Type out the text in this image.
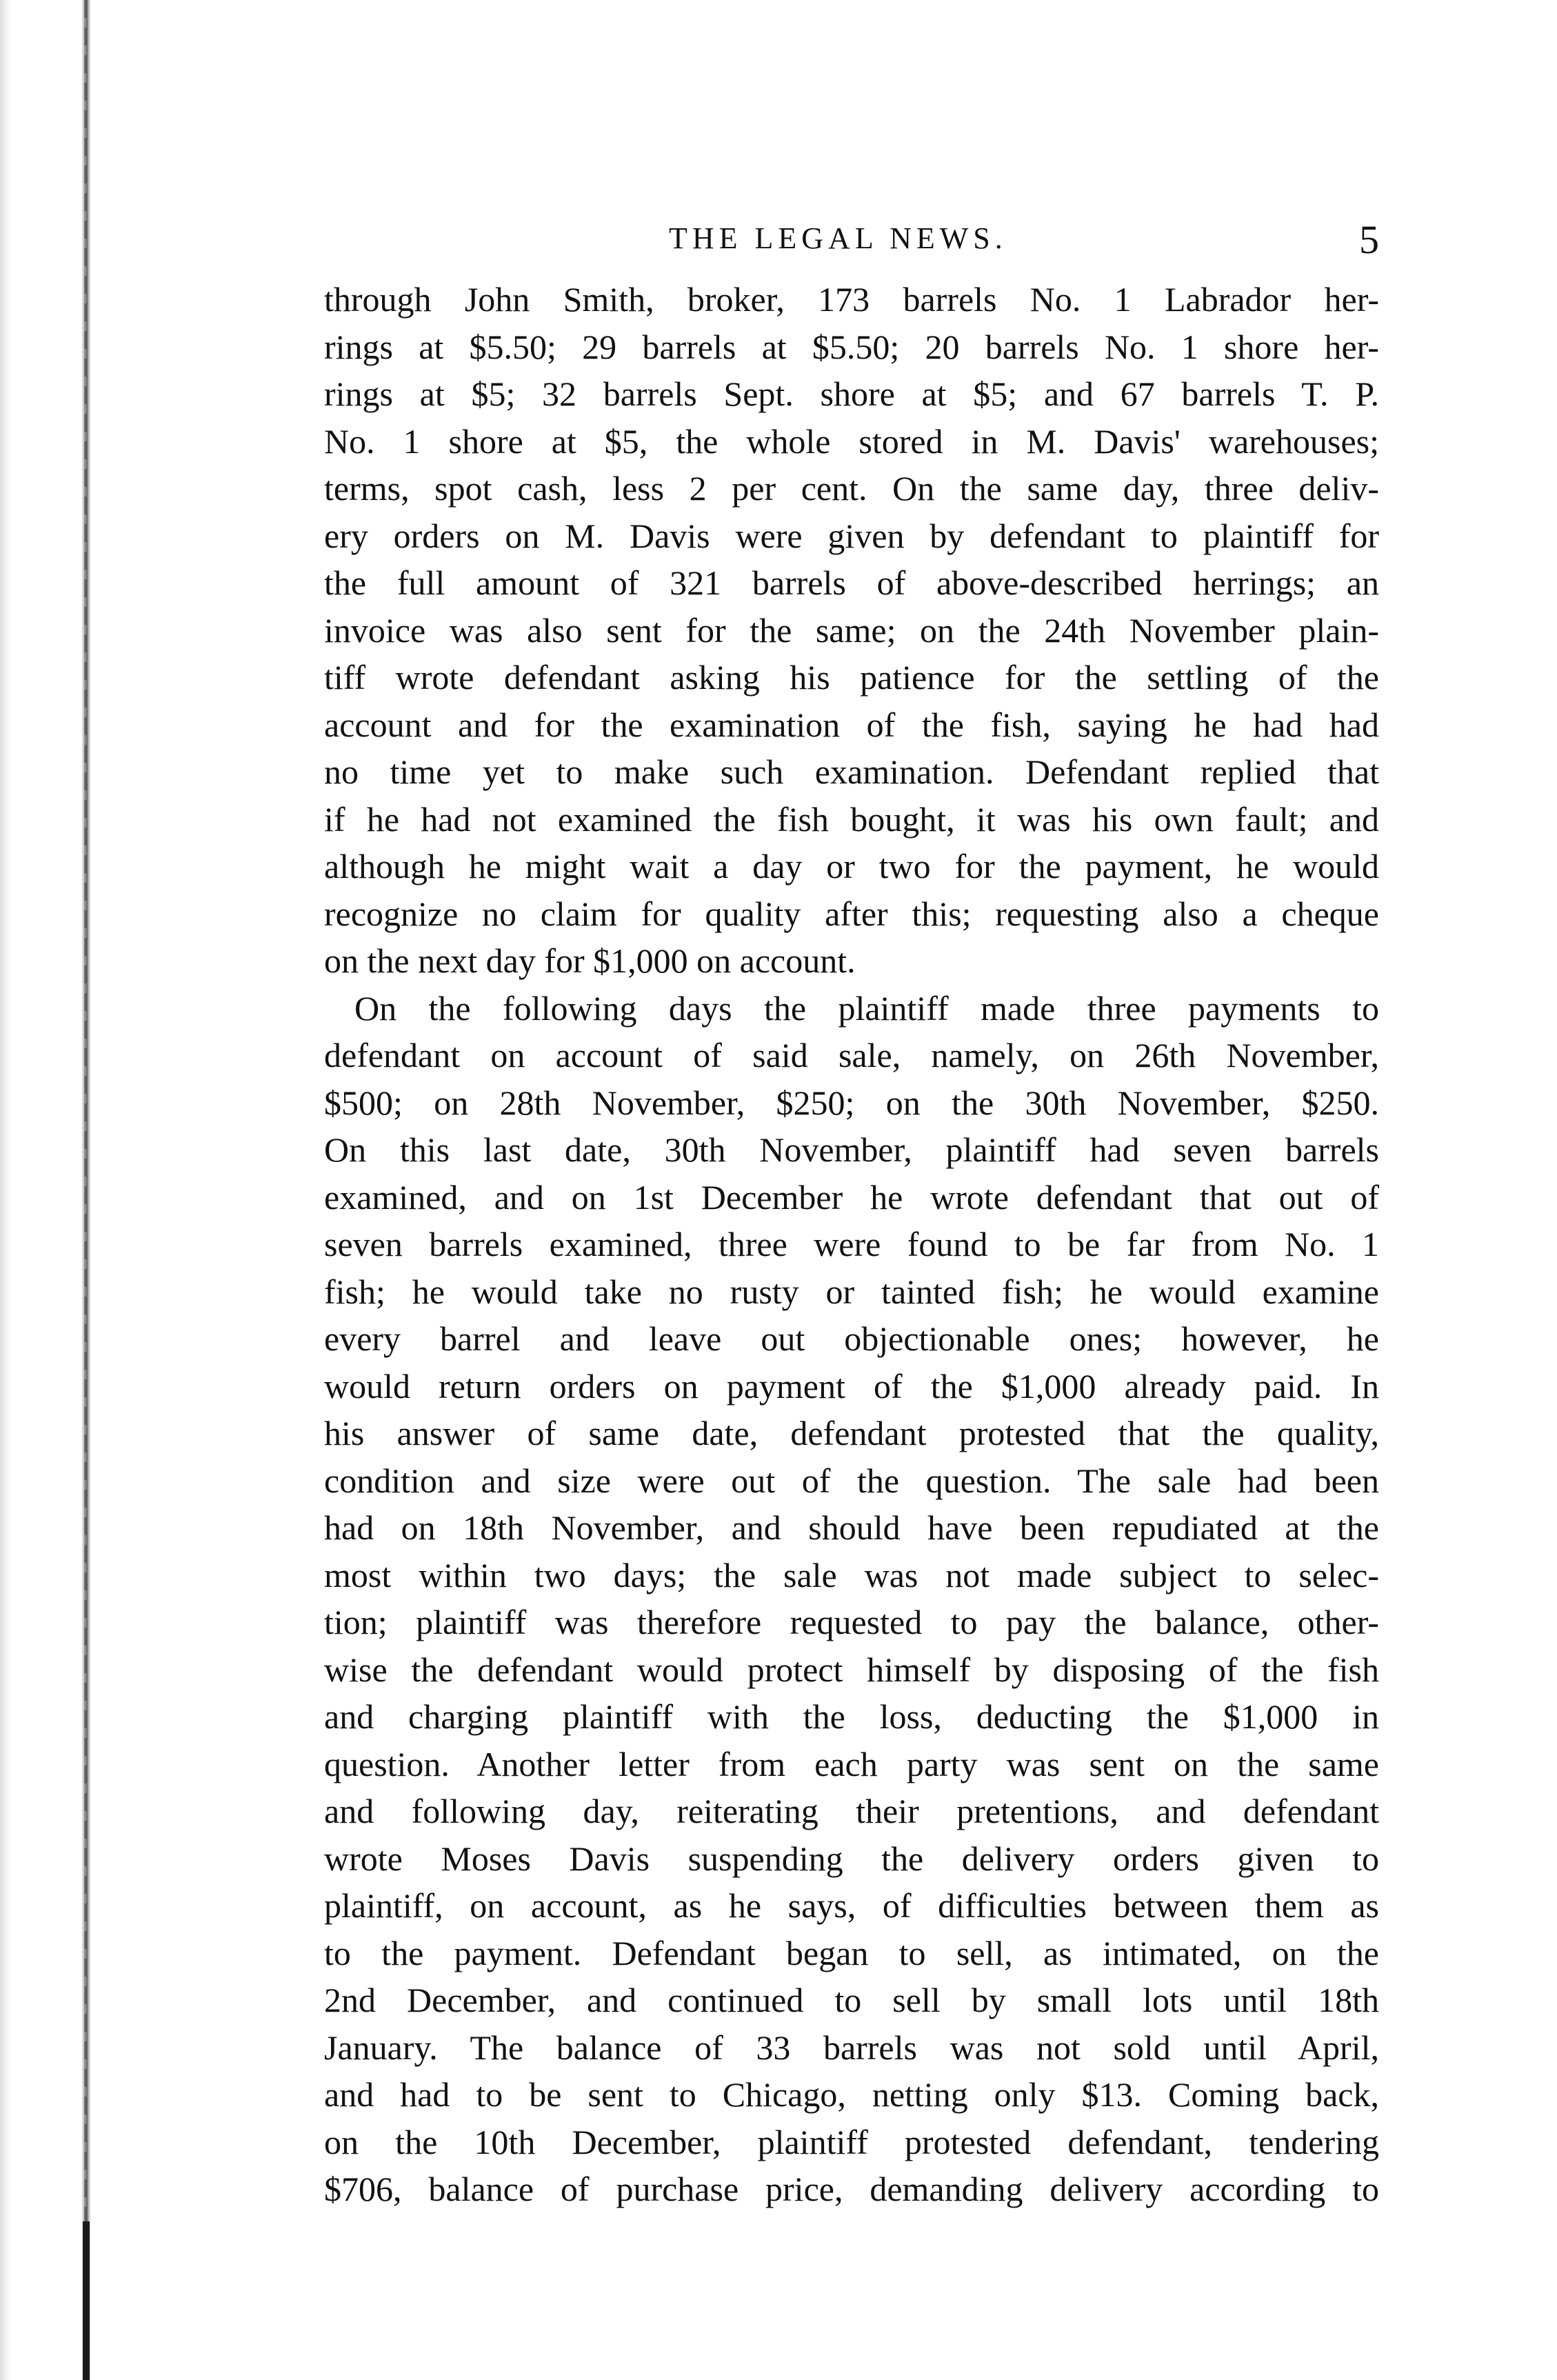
THE LEGAL NEWS.	5
through John Smith, broker, 173 barrels No. 1 Labrador her-
rings at $5.50; 29 barrels at $5.50; 20 barrels No. 1 shore her-
rings at $5; 32 barrels Sept. shore at $5; and 67 barrels T. P.
No. 1 shore at $5, the whole stored in M. Davis' warehouses;
terms, spot cash, less 2 per cent. On the same day, three deliv-
ery orders on M. Davis were given by defendant to plaintiff for
the full amount of 321 barrels of above-described herrings; an
invoice was also sent for the same; on the 24th November plain-
tiff wrote defendant asking his patience for the settling of the
account and for the examination of the fish, saying he had had
no time yet to make such examination. Defendant replied that
if he had not examined the fish bought, it was his own fault; and
although he might wait a day or two for the payment, he would
recognize no claim for quality after this; requesting also a cheque
on the next day for $1,000 on account.
On the following days the plaintiff made three payments to
defendant on account of said sale, namely, on 26th November,
$500; on 28th November, $250; on the 30th November, $250.
On this last date, 30th November, plaintiff had seven barrels
examined, and on 1st December he wrote defendant that out of
seven barrels examined, three were found to be far from No. 1
fish; he would take no rusty or tainted fish; he would examine
every barrel and leave out objectionable ones; however, he
would return orders on payment of the $1,000 already paid. In
his answer of same date, defendant protested that the quality,
condition and size were out of the question. The sale had been
had on 18th November, and should have been repudiated at the
most within two days; the sale was not made subject to selec-
tion; plaintiff was therefore requested to pay the balance, other-
wise the defendant would protect himself by disposing of the fish
and charging plaintiff with the loss, deducting the $1,000 in
question. Another letter from each party was sent on the same
and following day, reiterating their pretentions, and defendant
wrote Moses Davis suspending the delivery orders given to
plaintiff, on account, as he says, of difficulties between them as
to the payment. Defendant began to sell, as intimated, on the
2nd December, and continued to sell by small lots until 18th
January. The balance of 33 barrels was not sold until April,
and had to be sent to Chicago, netting only $13. Coming back,
on the 10th December, plaintiff protested defendant, tendering
$706, balance of purchase price, demanding delivery according to
